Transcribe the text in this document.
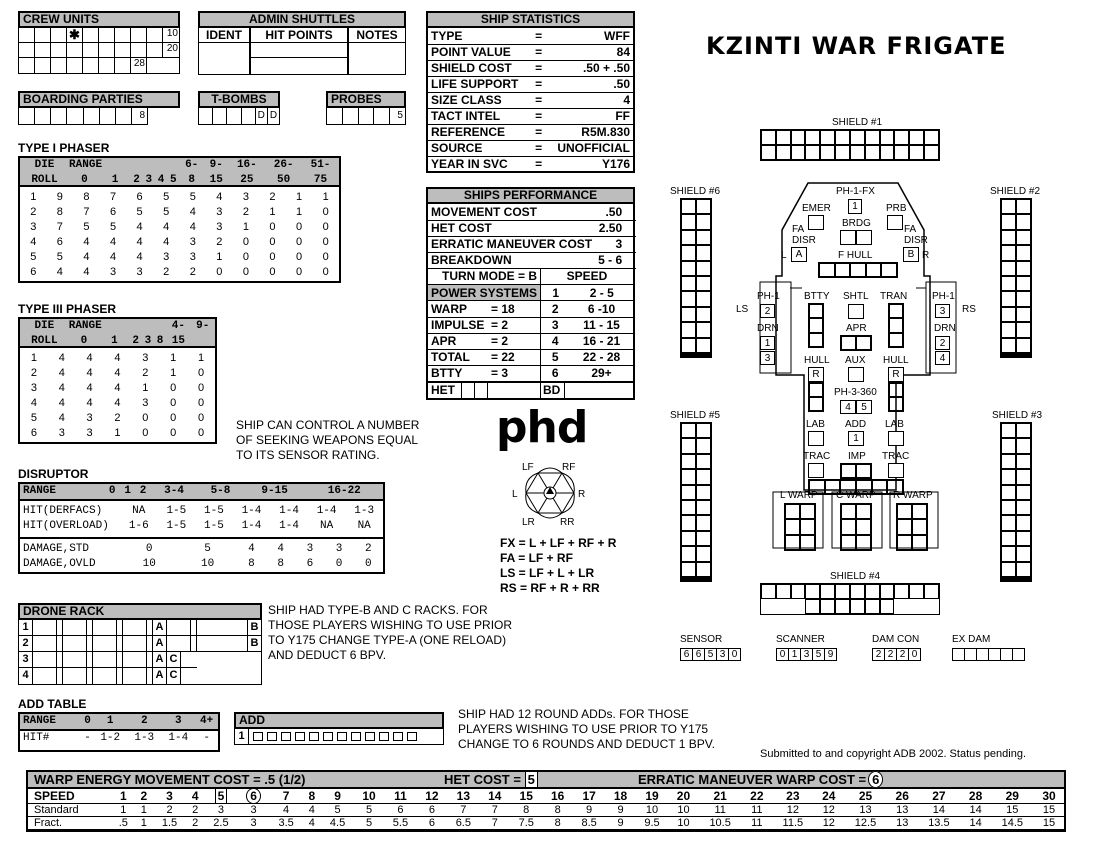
CREW UNITS
✱	10
20
28
ADMIN SHUTTLES
IDENT	HIT POINTS	NOTES
BOARDING PARTIES
8
T-BOMBS
D D
PROBES
5
TYPE I PHASER
DIE	RANGE						6-	9-	16-	26-	51-
ROLL	0	1	2	3	4	5	8	15	25	50	75
1	9	8	7	6	5	5	4	3	2	1	1
2	8	7	6	5	5	4	3	2	1	1	0
3	7	5	5	4	4	4	3	1	0	0	0
4	6	4	4	4	4	3	2	0	0	0	0
5	5	4	4	4	3	3	1	0	0	0	0
6	4	4	3	3	2	2	0	0	0	0	0
TYPE III PHASER
DIE	RANGE					4-	9-
ROLL	0	1	2	3	8	15	
1	4	4	4	3	1	1
2	4	4	4	2	1	0
3	4	4	4	1	0	0
4	4	4	4	3	0	0
5	4	3	2	0	0	0
6	3	3	1	0	0	0
SHIP CAN CONTROL A NUMBER OF SEEKING WEAPONS EQUAL TO ITS SENSOR RATING.
DISRUPTOR
RANGE	0	1	2	3-4	5-8	9-15	16-22
HIT(DERFACS)	NA	1-5	1-5	1-4	1-4	1-4	1-3
HIT(OVERLOAD)	1-6	1-5	1-5	1-4	1-4	NA	NA
DAMAGE,STD	0	5	4	4	3	3	2
DAMAGE,OVLD	10	10	8	8	6	0	0
DRONE RACK
1	A	B
2	A	B
3	A C
4	A C
SHIP HAD TYPE-B AND C RACKS. FOR THOSE PLAYERS WISHING TO USE PRIOR TO Y175 CHANGE TYPE-A (ONE RELOAD) AND DEDUCT 6 BPV.
ADD TABLE
RANGE	0	1	2	3	4+
HIT#	-	1-2	1-3	1-4	-
ADD
1
SHIP HAD 12 ROUND ADDs. FOR THOSE PLAYERS WISHING TO USE PRIOR TO Y175 CHANGE TO 6 ROUNDS AND DEDUCT 1 BPV.
SHIP STATISTICS
TYPE	=	WFF
POINT VALUE	=	84
SHIELD COST	=	.50 + .50
LIFE SUPPORT	=	.50
SIZE CLASS	=	4
TACT INTEL	=	FF
REFERENCE	=	R5M.830
SOURCE	=	UNOFFICIAL
YEAR IN SVC	=	Y176
SHIPS PERFORMANCE
MOVEMENT COST	.50
HET COST	2.50
ERRATIC MANEUVER COST	3
BREAKDOWN	5 - 6
TURN MODE = B	SPEED	
POWER SYSTEMS	1	2 - 5
WARP	= 18	2	6 -10
IMPULSE	= 2	3	11 - 15
APR	= 2	4	16 - 21
TOTAL	= 22	5	22 - 28
BTTY	= 3	6	29+
HET	BD
phd
LF	RF
L	R
LR	RR
FX = L + LF + RF + R
FA = LF + RF
LS = LF + L + LR
RS = RF + R + RR
KZINTI WAR FRIGATE
SHIELD #1
SHIELD #6	SHIELD #2
SHIELD #5	SHIELD #3
SHIELD #4
PH-1-FX
1
EMER	PRB
BRDG
FA
DISR
L A
FA
DISR
B R
F HULL
LS	RS
PH-1
2
DRN
1
3
PH-1
3
DRN
2
4
BTTY SHTL TRAN
APR
HULL
R
HULL
R
AUX
PH-3-360
4	5
LAB	LAB
ADD
1
TRAC	TRAC
IMP
L WARP C WARP R WARP
SENSOR
6 6 5 3 0
SCANNER
0 1 3 5 9
DAM CON
2 2 2 0
EX DAM
Submitted to and copyright ADB 2002. Status pending.
WARP ENERGY MOVEMENT COST = .5 (1/2)	HET COST = 5	ERRATIC MANEUVER WARP COST = 6
SPEED	1	2	3	4	5	6	7	8	9	10	11	12	13	14	15	16	17	18	19	20	21	22	23	24	25	26	27	28	29	30
Standard	1	1	2	2	3	3	4	4	5	5	6	6	7	7	8	8	9	9	10	10	11	11	12	12	13	13	14	14	15	15
Fract.	.5	1	1.5	2	2.5	3	3.5	4	4.5	5	5.5	6	6.5	7	7.5	8	8.5	9	9.5	10	10.5	11	11.5	12	12.5	13	13.5	14	14.5	15
